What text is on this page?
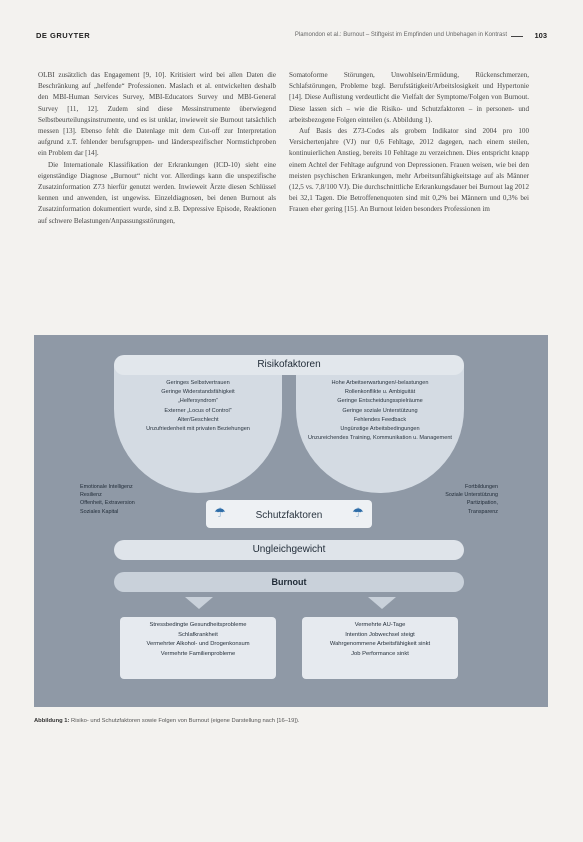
DE GRUYTER	Plamondon et al.: Burnout – Stiftgeist im Empfinden und Unbehagen in Kontrast	103

OLBI zusätzlich das Engagement [9, 10]. Kritisiert wird bei allen Daten die Beschränkung auf „helfende“ Professionen. Maslach et al. entwickelten deshalb den MBI-Human Services Survey, MBI-Educators Survey und MBI-General Survey [11, 12]. Zudem sind diese Messinstrumente überwiegend Selbstbeurteilungsinstrumente, und es ist unklar, inwieweit sie Burnout tatsächlich messen [13]. Ebenso fehlt die Datenlage mit dem Cut-off zur Interpretation aufgrund z.T. fehlender berufsgruppen- und länderspezifischer Normstichproben ein Problem dar [14].

Die Internationale Klassifikation der Erkrankungen (ICD-10) sieht eine eigenständige Diagnose „Burnout“ nicht vor. Allerdings kann die unspezifische Zusatzinformation Z73 hierfür genutzt werden. Inwieweit Ärzte diesen Schlüssel kennen und anwenden, ist ungewiss. Einzeldiagnosen, bei denen Burnout als Zusatzinformation dokumentiert wurde, sind z.B. Depressive Episode, Reaktionen auf schwere Belastungen/Anpassungsstörungen,

Somatoforme Störungen, Unwohlsein/Ermüdung, Rückenschmerzen, Schlafstörungen, Probleme bzgl. Berufstätigkeit/Arbeitslosigkeit und Hypertonie [14]. Diese Auflistung verdeutlicht die Vielfalt der Symptome/Folgen von Burnout. Diese lassen sich – wie die Risiko- und Schutzfaktoren – in personen- und arbeitsbezogene Folgen einteilen (s. Abbildung 1).

Auf Basis des Z73-Codes als grobem Indikator sind 2004 pro 100 Versichertenjahre (VJ) nur 0,6 Fehltage, 2012 dagegen, nach einem steilen, kontinuierlichen Anstieg, bereits 10 Fehltage zu verzeichnen. Dies entspricht knapp einem Achtel der Fehltage aufgrund von Depressionen. Frauen weisen, wie bei den meisten psychischen Erkrankungen, mehr Arbeitsunfähigkeitstage auf als Männer (12,5 vs. 7,8/100 VJ). Die durchschnittliche Erkrankungsdauer bei Burnout lag 2012 bei 32,1 Tagen. Die Betroffenenquoten sind mit 0,2% bei Männern und 0,3% bei Frauen eher gering [15]. An Burnout leiden besonders Professionen im

Risikofaktoren
Geringes Selbstvertrauen
Geringe Widerstandsfähigkeit
„Helfersyndrom“
Externer „Locus of Control“
Alter/Geschlecht
Unzufriedenheit mit privaten Beziehungen
Hohe Arbeitserwartungen/-belastungen
Rollenkonflikte u. Ambiguität
Geringe Entscheidungsspielräume
Geringe soziale Unterstützung
Fehlendes Feedback
Ungünstige Arbeitsbedingungen
Unzureichendes Training, Kommunikation u. Management
Emotionale Intelligenz
Resilienz
Offenheit, Extraversion
Soziales Kapital	☂	Schutzfaktoren	☂
Fortbildungen
Soziale Unterstützung
Partizipation,
Transparenz
Ungleichgewicht
Burnout
Stressbedingte Gesundheitsprobleme
Schlafkrankheit
Vermehrter Alkohol- und Drogenkonsum
Vermehrte Familienprobleme
Vermehrte AU-Tage
Intention Jobwechsel steigt
Wahrgenommene Arbeitsfähigkeit sinkt
Job Performance sinkt
Abbildung 1: Risiko- und Schutzfaktoren sowie Folgen von Burnout (eigene Darstellung nach [16–19]).
